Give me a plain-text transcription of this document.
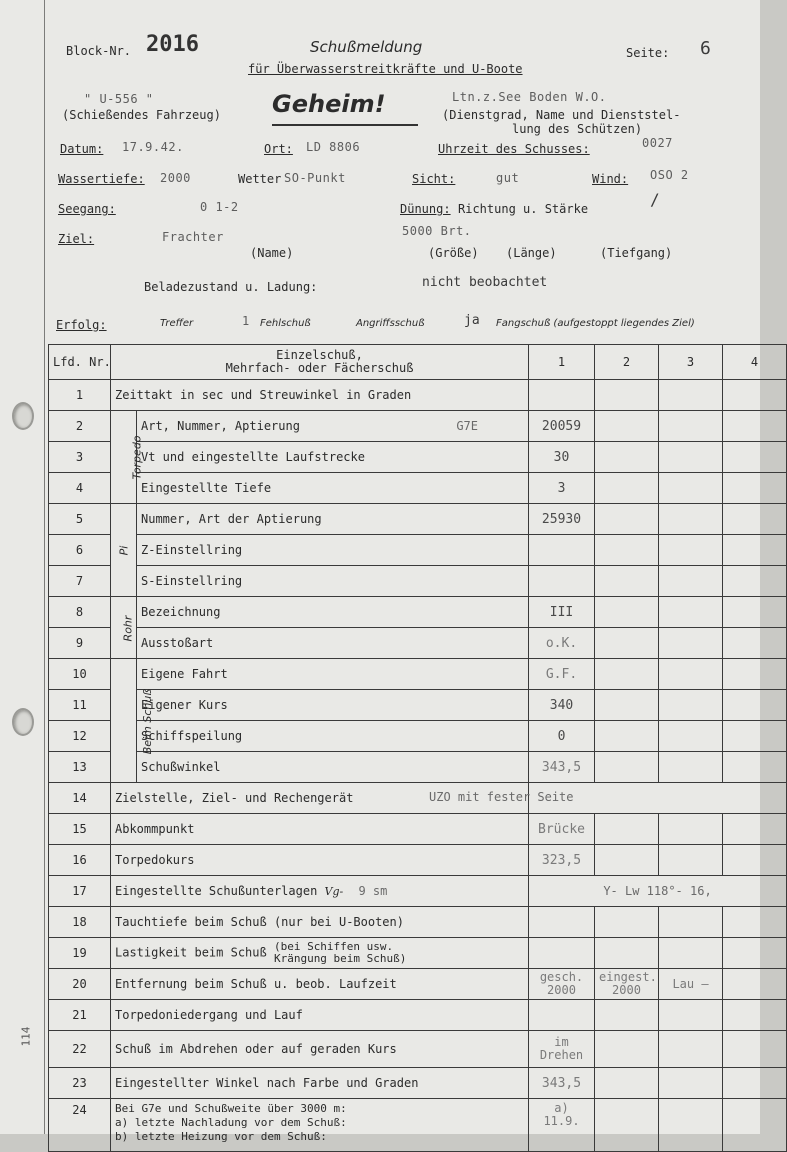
114
Block-Nr. 2016	Schußmeldung
für Überwasserstreitkräfte und U-Boote
Seite: 6
" U-556 "
(Schießendes Fahrzeug) Geheim!	Ltn.z.See Boden W.O.
(Dienstgrad, Name und Dienststel-
lung des Schützen)
Datum: 17.9.42.	Ort: LD 8806	Uhrzeit des Schusses:	0027
Wassertiefe: 2000	Wetter SO-Punkt	Sicht:	gut	Wind: OSO 2
Seegang:	0 1-2	Dünung: Richtung u. Stärke	/
Ziel:	Frachter	5000 Brt.
(Name)	(Größe) (Länge)	(Tiefgang)
Beladezustand u. Ladung:	nicht beobachtet
Erfolg:	Treffer	1 Fehlschuß	Angriffsschuß	ja Fangschuß (aufgestoppt liegendes Ziel)
Lfd. Nr.	Einzelschuß,
Mehrfach- oder Fächerschuß		1	2	3	4
1	Zeittakt in sec und Streuwinkel in Graden					
2	Torpedo	Art, Nummer, Aptierung G7E	20059			
3		Vt und eingestellte Laufstrecke	30			
4		Eingestellte Tiefe	3			
5	Pi	Nummer, Art der Aptierung	25930			
6		Z-Einstellring				
7		S-Einstellring				
8	Rohr	Bezeichnung	III			
9		Ausstoßart	o.K.			
10	Beim Schuß	Eigene Fahrt	G.F.			
11		Eigener Kurs	340			
12		Schiffspeilung	0			
13		Schußwinkel	343,5			
14	Zielstelle, Ziel- und Rechengerät		UZO mit fester Seite			

15	Abkommpunkt		Brücke			
16	Torpedokurs		323,5			
17	Eingestellte Schußunterlagen Vg- 9 sm		Y- Lw 118°- 16,			
18	Tauchtiefe beim Schuß (nur bei U-Booten)					
19	Lastigkeit beim Schuß (bei Schiffen usw. Krängung beim Schuß)					
20	Entfernung beim Schuß u. beob. Laufzeit		gesch. 2000	eingest. 2000	Lau —	
21	Torpedoniedergang und Lauf					
22	Schuß im Abdrehen oder auf geraden Kurs		im Drehen			
23	Eingestellter Winkel nach Farbe und Graden		343,5			
24	Bei G7e und Schußweite über 3000 m:
a) letzte Nachladung vor dem Schuß:
b) letzte Heizung vor dem Schuß:		a) 11.9.			
